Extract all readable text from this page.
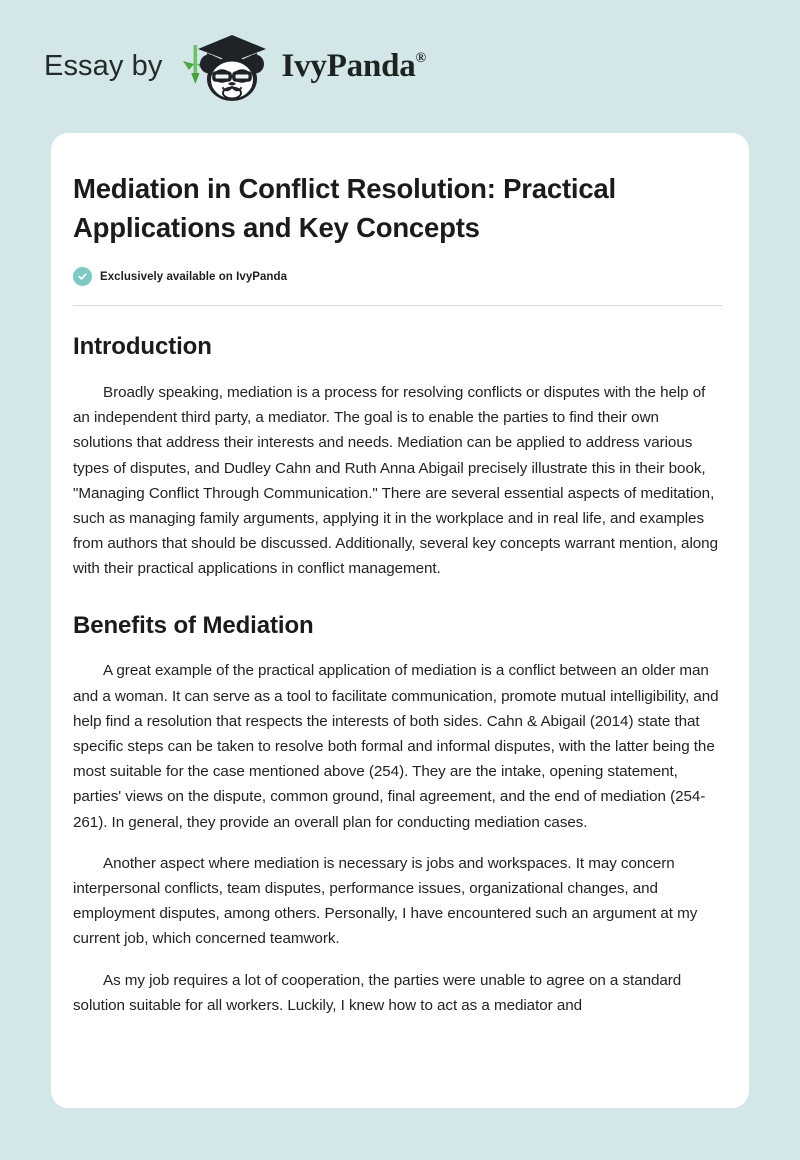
Essay by	IvyPanda®
Mediation in Conflict Resolution: Practical Applications and Key Concepts
Exclusively available on IvyPanda
Introduction

Broadly speaking, mediation is a process for resolving conflicts or disputes with the help of an independent third party, a mediator. The goal is to enable the parties to find their own solutions that address their interests and needs. Mediation can be applied to address various types of disputes, and Dudley Cahn and Ruth Anna Abigail precisely illustrate this in their book, "Managing Conflict Through Communication." There are several essential aspects of meditation, such as managing family arguments, applying it in the workplace and in real life, and examples from authors that should be discussed. Additionally, several key concepts warrant mention, along with their practical applications in conflict management.

Benefits of Mediation

A great example of the practical application of mediation is a conflict between an older man and a woman. It can serve as a tool to facilitate communication, promote mutual intelligibility, and help find a resolution that respects the interests of both sides. Cahn & Abigail (2014) state that specific steps can be taken to resolve both formal and informal disputes, with the latter being the most suitable for the case mentioned above (254). They are the intake, opening statement, parties' views on the dispute, common ground, final agreement, and the end of mediation (254-261). In general, they provide an overall plan for conducting mediation cases.

Another aspect where mediation is necessary is jobs and workspaces. It may concern interpersonal conflicts, team disputes, performance issues, organizational changes, and employment disputes, among others. Personally, I have encountered such an argument at my current job, which concerned teamwork.

As my job requires a lot of cooperation, the parties were unable to agree on a standard solution suitable for all workers. Luckily, I knew how to act as a mediator and
